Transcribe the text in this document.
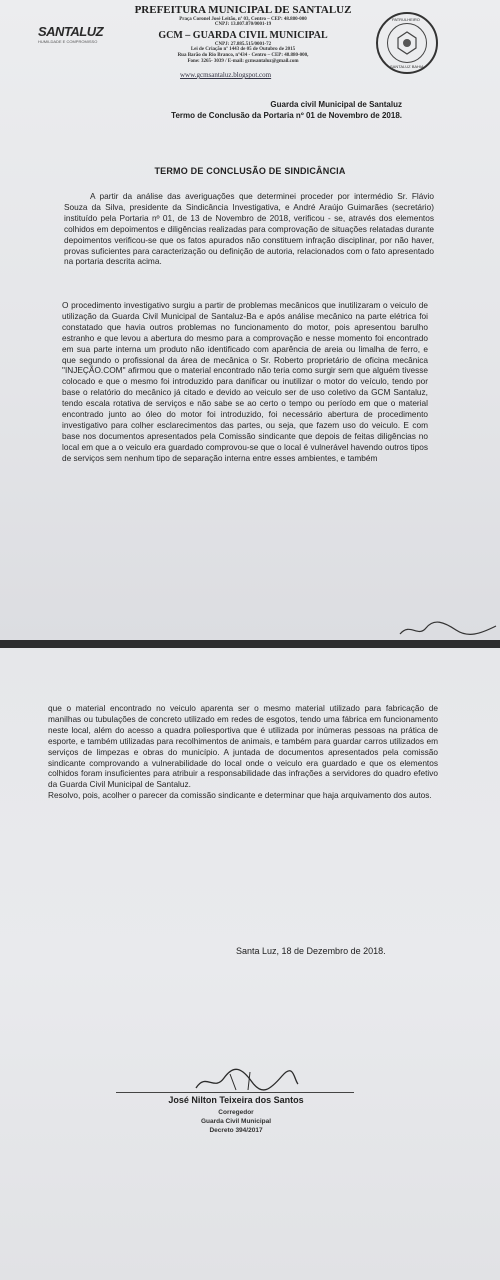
SANTALUZ
HUMILDADE E COMPROMISSO
PREFEITURA MUNICIPAL DE SANTALUZ
Praça Coronel José Leitão, nº 03, Centro – CEP: 48.880-000
CNPJ: 13.807.870/0001-19
GCM – GUARDA CIVIL MUNICIPAL
CNPJ: 27.885.515/0001-72
Lei de Criação nº 1443 de 05 de Outubro de 2015
Rua Barão do Rio Branco, nº434 - Centro – CEP: 48.880-000,
Fone: 3265- 3039 / E-mail: gcmsantaluz@gmail.com
www.gcmsantaluz.blogspot.com
PATRULHEIRO
SANTALUZ BAHIA
Guarda civil Municipal de Santaluz
Termo de Conclusão da Portaria nº 01 de Novembro de 2018.
TERMO DE CONCLUSÃO DE SINDICÂNCIA

A partir da análise das averiguações que determinei proceder por intermédio Sr. Flávio Souza da Silva, presidente da Sindicância Investigativa, e André Araújo Guimarães (secretário) instituído pela Portaria nº 01, de 13 de Novembro de 2018, verificou - se, através dos elementos colhidos em depoimentos e diligências realizadas para comprovação de situações relatadas durante depoimentos verificou-se que os fatos apurados não constituem infração disciplinar, por não haver, provas suficientes para caracterização ou definição de autoria, relacionados com o fato apresentado na portaria descrita acima.

O procedimento investigativo surgiu a partir de problemas mecânicos que inutilizaram o veiculo de utilização da Guarda Civil Municipal de Santaluz-Ba e após análise mecânico na parte elétrica foi constatado que havia outros problemas no funcionamento do motor, pois apresentou barulho estranho e que levou a abertura do mesmo para a comprovação e nesse momento foi encontrado em sua parte interna um produto não identificado com aparência de areia ou limalha de ferro, e que segundo o profissional da área de mecânica o Sr. Roberto proprietário de oficina mecânica "INJEÇÃO.COM" afirmou que o material encontrado não teria como surgir sem que alguém tivesse colocado e que o mesmo foi introduzido para danificar ou inutilizar o motor do veículo, tendo por base o relatório do mecânico já citado e devido ao veiculo ser de uso coletivo da GCM Santaluz, tendo escala rotativa de serviços e não sabe se ao certo o tempo ou período em que o material encontrado junto ao óleo do motor foi introduzido, foi necessário abertura de procedimento investigativo para colher esclarecimentos das partes, ou seja, que fazem uso do veiculo. E com base nos documentos apresentados pela Comissão sindicante que depois de feitas diligências no local em que a o veiculo era guardado comprovou-se que o local é vulnerável havendo outros tipos de serviços sem nenhum tipo de separação interna entre esses ambientes, e também

que o material encontrado no veiculo aparenta ser o mesmo material utilizado para fabricação de manilhas ou tubulações de concreto utilizado em redes de esgotos, tendo uma fábrica em funcionamento neste local, além do acesso a quadra poliesportiva que é utilizada por inúmeras pessoas na prática de esporte, e também utilizadas para recolhimentos de animais, e também para guardar carros utilizados em serviços de limpezas e obras do município. A juntada de documentos apresentados pela comissão sindicante comprovando a vulnerabilidade do local onde o veiculo era guardado e que os elementos colhidos foram insuficientes para atribuir a responsabilidade das infrações a servidores do quadro efetivo da Guarda Civil Municipal de Santaluz.

Resolvo, pois, acolher o parecer da comissão sindicante e determinar que haja arquivamento dos autos.

Santa Luz, 18 de Dezembro de 2018.
José Nilton Teixeira dos Santos
Corregedor
Guarda Civil Municipal
Decreto 394/2017
